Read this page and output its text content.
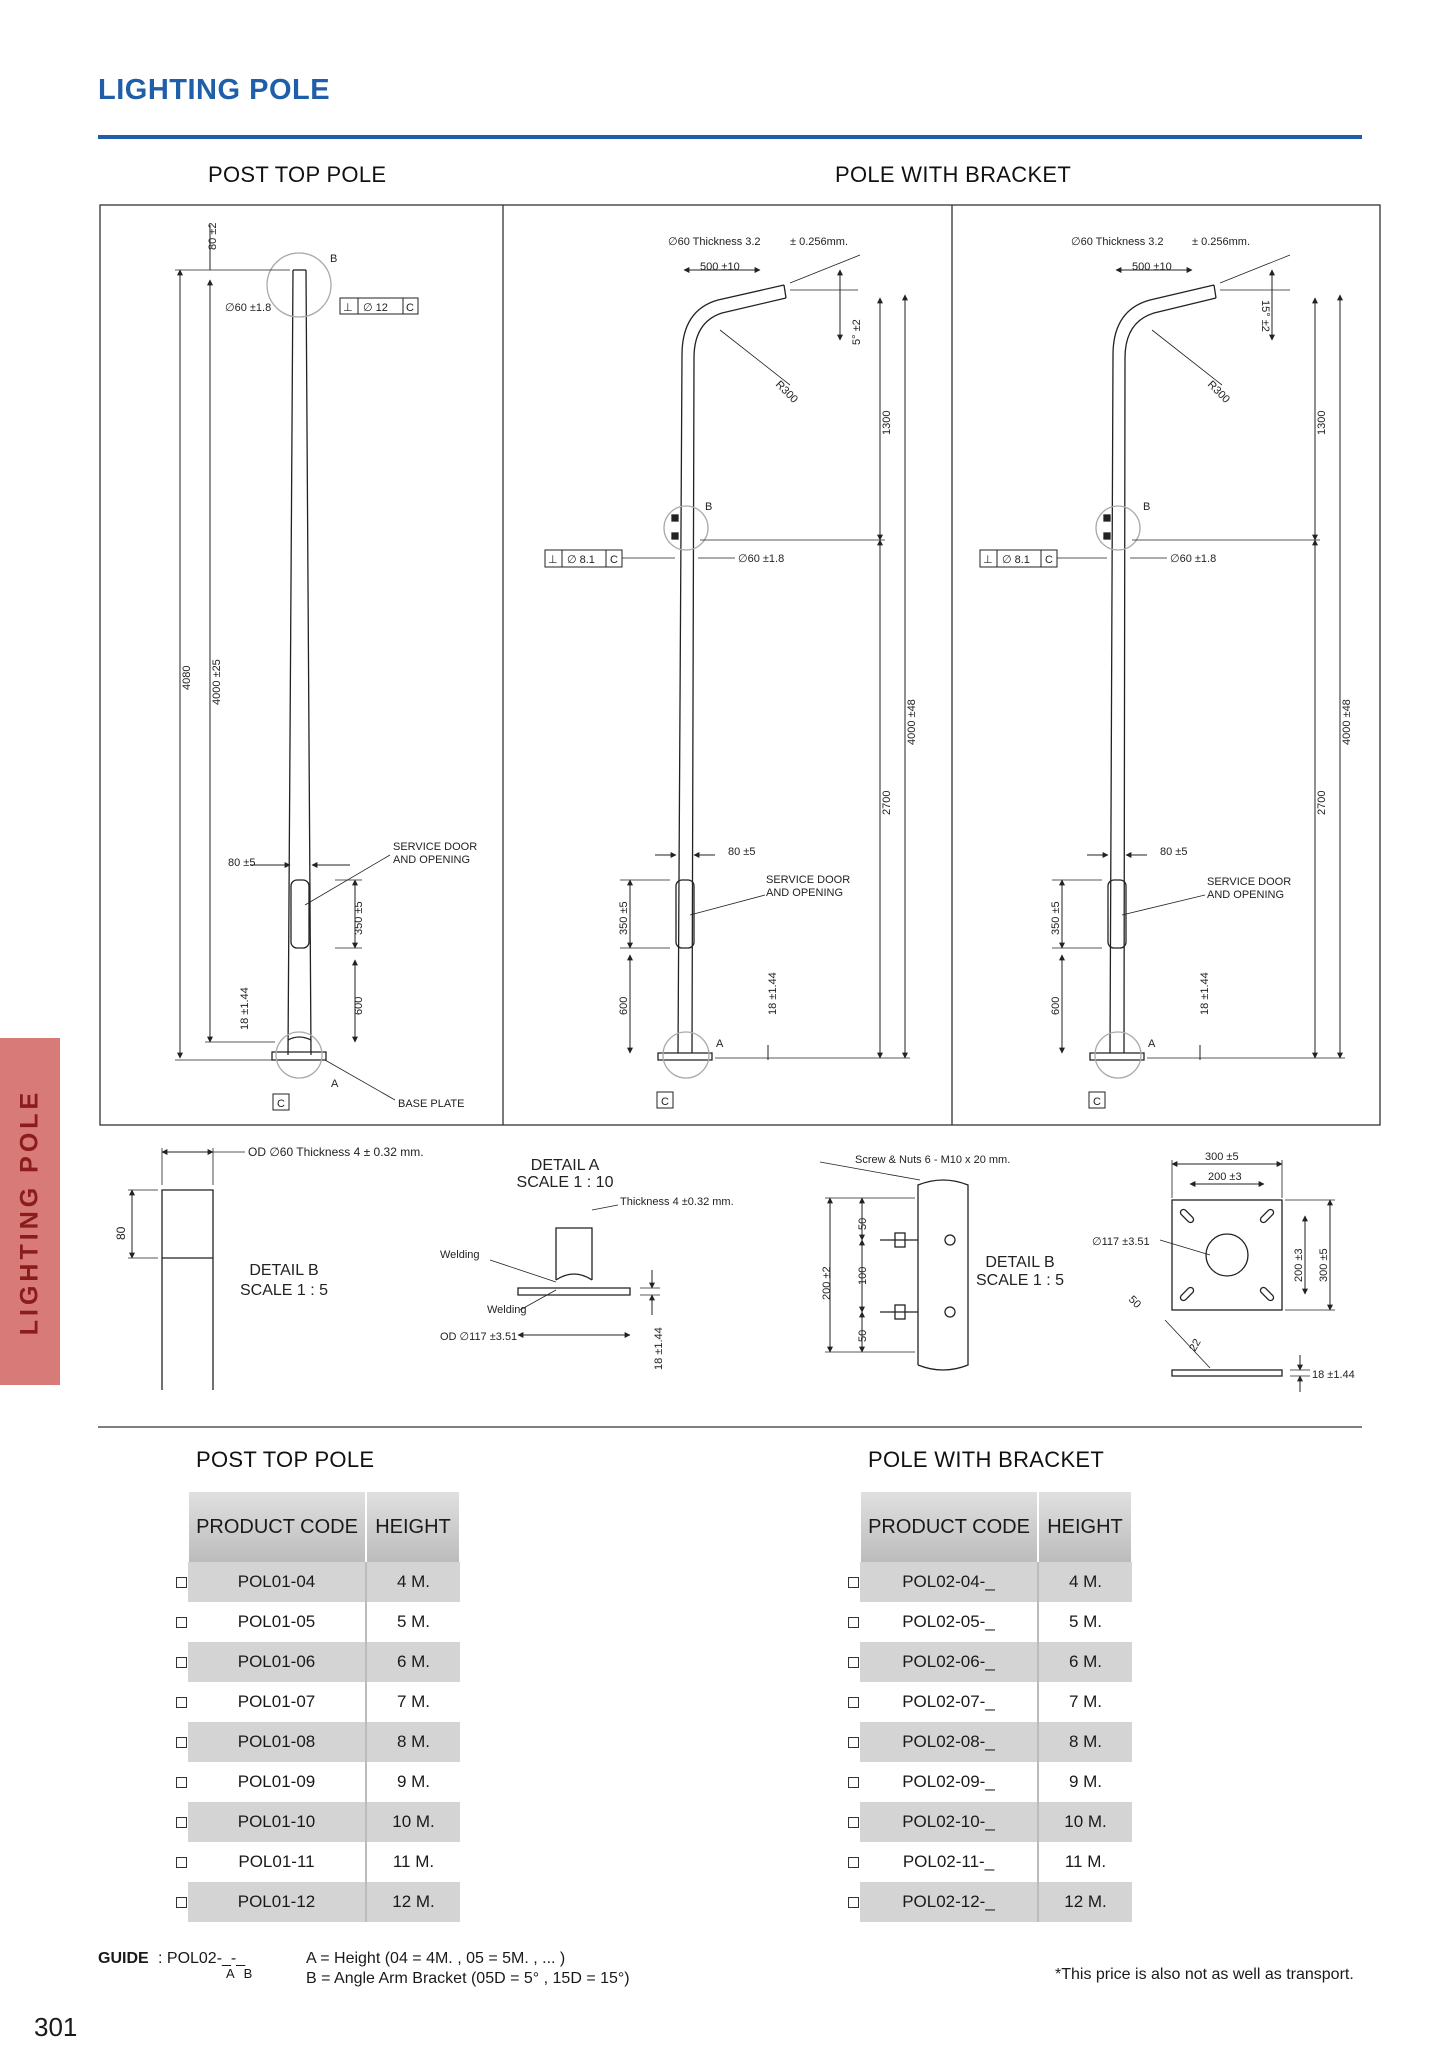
LIGHTING POLE
LIGHTING POLE
POST TOP POLE	POLE WITH BRACKET
80 ±2
B
∅60 ±1.8	⊥ ∅ 12 C
4080 4000 ±25
80 ±5
SERVICE DOOR
AND OPENING
350 ±5
600
18 ±1.44
A
C	BASE PLATE
∅60 Thickness 3.2	± 0.256mm.
500 ±10
5° ±2
R300
1300
B
⊥ ∅ 8.1 C	∅60 ±1.8
4000 ±48
2700
80 ±5
SERVICE DOOR
AND OPENING
350 ±5
600	18 ±1.44
A
C
∅60 Thickness 3.2	± 0.256mm.
500 ±10
15° ±2
R300
1300
B
⊥ ∅ 8.1 C	∅60 ±1.8
4000 ±48
2700
80 ±5
SERVICE DOOR
AND OPENING
350 ±5
600	18 ±1.44
A
C
OD ∅60 Thickness 4 ± 0.32 mm.
80
DETAIL B
SCALE 1 : 5
DETAIL A
SCALE 1 : 10
DETAIL B
SCALE 1 : 5
Thickness 4 ±0.32 mm.
Welding
Welding
OD ∅117 ±3.51	18 ±1.44
Screw & Nuts 6 - M10 x 20 mm.
200 ±2
50
100
50
300 ±5
200 ±3
∅117 ±3.51
200 ±3 300 ±5
50
22
18 ±1.44
POST TOP POLE	POLE WITH BRACKET
	PRODUCT CODE	HEIGHT
	POL01-04	4 M.
	POL01-05	5 M.
	POL01-06	6 M.
	POL01-07	7 M.
	POL01-08	8 M.
	POL01-09	9 M.
	POL01-10	10 M.
	POL01-11	11 M.
	POL01-12	12 M.
	PRODUCT CODE	HEIGHT
	POL02-04-_	4 M.
	POL02-05-_	5 M.
	POL02-06-_	6 M.
	POL02-07-_	7 M.
	POL02-08-_	8 M.
	POL02-09-_	9 M.
	POL02-10-_	10 M.
	POL02-11-_	11 M.
	POL02-12-_	12 M.
GUIDE : POL02-_-_
A B
A = Height (04 = 4M. , 05 = 5M. , ... )
B = Angle Arm Bracket (05D = 5° , 15D = 15°)	*This price is also not as well as transport.
301
